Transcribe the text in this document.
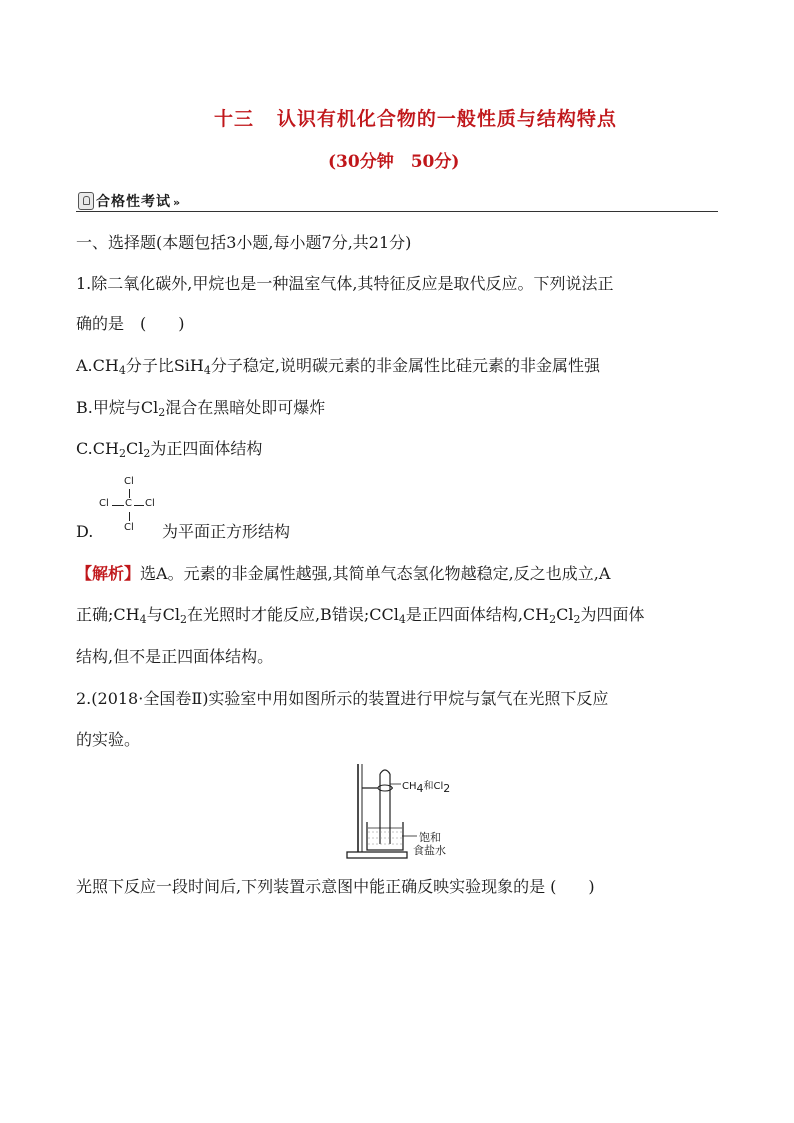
十三 认识有机化合物的一般性质与结构特点
(30分钟　50分)
合格性考试 »
一、选择题(本题包括3小题,每小题7分,共21分)
1.除二氧化碳外,甲烷也是一种温室气体,其特征反应是取代反应。下列说法正
确的是　(　　)
$A.CH_4$分子比SiH$_4$分子稳定,说明碳元素的非金属性比硅元素的非金属性强
B.甲烷与$Cl_2$混合在黑暗处即可爆炸
$C.CH_2Cl_2$为正四面体结构
Cl
Cl C Cl
Cl
D.	为平面正方形结构
【解析】选A。元素的非金属性越强,其简单气态氢化物越稳定,反之也成立,A
正确$;CH_4$与$Cl_2$在光照时才能反应,B错误;CCl$_4$是正四面体结构$,CH_2Cl_2$为四面体
结构,但不是正四面体结构。
2.(2018·全国卷Ⅱ)实验室中用如图所示的装置进行甲烷与氯气在光照下反应
的实验。
$CH_4$和$Cl_2$
饱和
食盐水
光照下反应一段时间后,下列装置示意图中能正确反映实验现象的是 (　　)
